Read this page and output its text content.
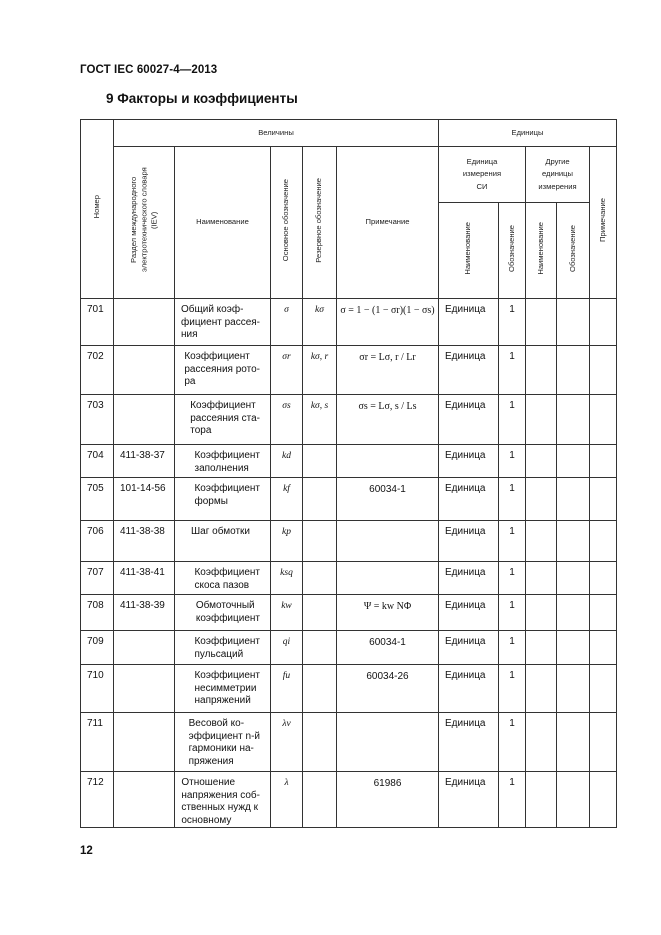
ГОСТ IEC 60027-4—2013
9 Факторы и коэффициенты
Номер	Величины					Единицы				
	Раздел международного электротехнического словаря (IEV)	Наименование	Основное обозначение	Резервное обозначение	Примечание	Единица измерения СИ		Другие единицы измерения		Примечание
						Наименование	Обозначение	Наименование	Обозначение	
701		Общий коэф-
фициент рассея-
ния	σ	kσ	σ = 1 − (1 − σr)(1 − σs)	Единица	1			
702		Коэффициент
рассеяния рото-
ра	σr	kσ, r	σr = Lσ, r / Lr	Единица	1			
703		Коэффициент
рассеяния ста-
тора	σs	kσ, s	σs = Lσ, s / Ls	Единица	1			
704	411-38-37	Коэффициент
заполнения	kd			Единица	1			
705	101-14-56	Коэффициент
формы	kf		60034-1	Единица	1			
706	411-38-38	Шаг обмотки	kp			Единица	1			
707	411-38-41	Коэффициент
скоса пазов	ksq			Единица	1			
708	411-38-39	Обмоточный
коэффициент	kw		Ψ = kw NΦ	Единица	1			
709		Коэффициент
пульсаций	qi		60034-1	Единица	1			
710		Коэффициент
несимметрии
напряжений	fu		60034-26	Единица	1			
711		Весовой ко-
эффициент n-й
гармоники на-
пряжения	λv			Единица	1			
712		Отношение
напряжения соб-
ственных нужд к
основному	λ		61986	Единица	1			
12
